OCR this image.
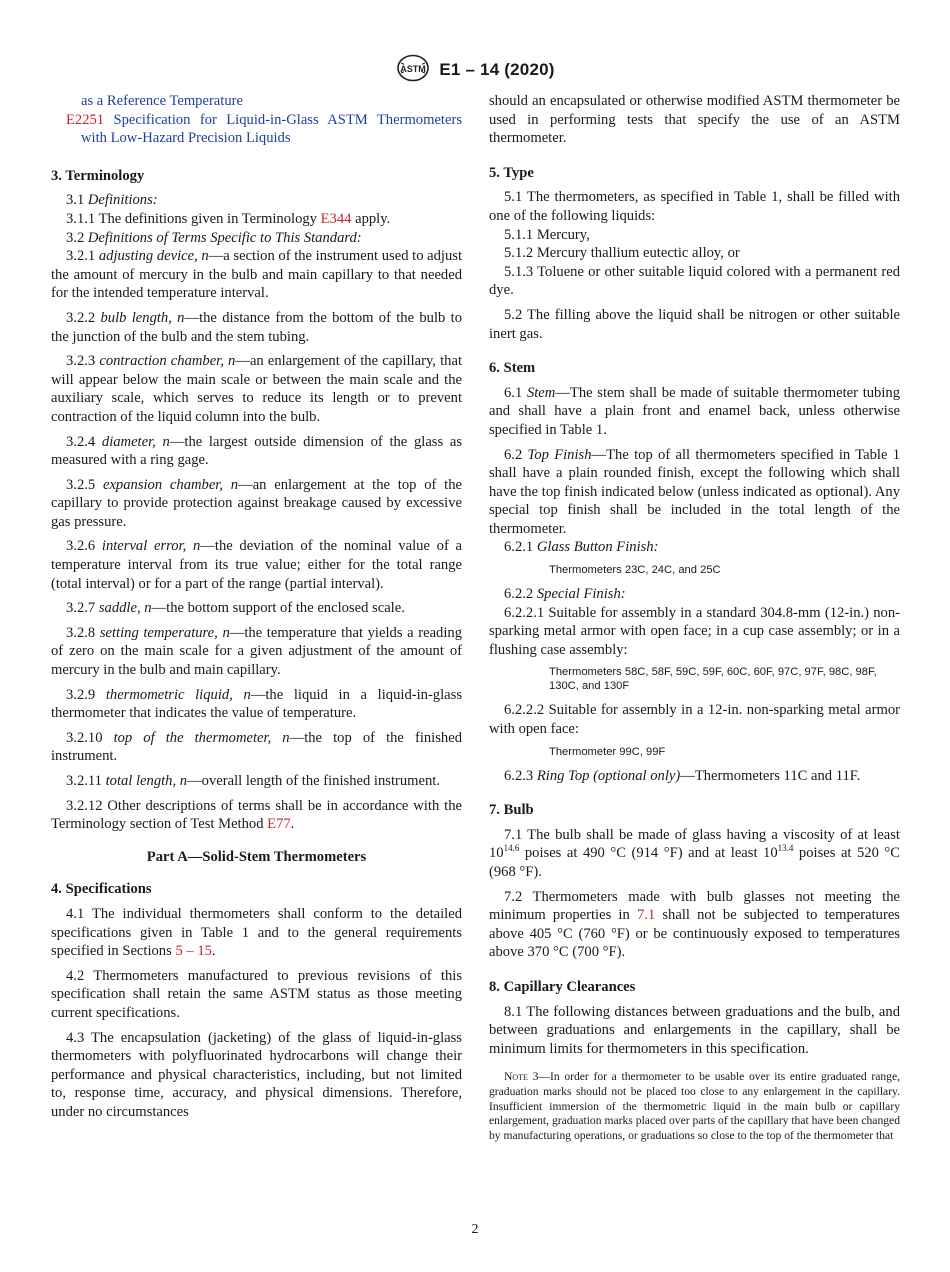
ASTM E1 – 14 (2020)

as a Reference Temperature

E2251 Specification for Liquid-in-Glass ASTM Thermometers with Low-Hazard Precision Liquids

3. Terminology

3.1 Definitions:

3.1.1 The definitions given in Terminology E344 apply.

3.2 Definitions of Terms Specific to This Standard:

3.2.1 adjusting device, n—a section of the instrument used to adjust the amount of mercury in the bulb and main capillary to that needed for the intended temperature interval.

3.2.2 bulb length, n—the distance from the bottom of the bulb to the junction of the bulb and the stem tubing.

3.2.3 contraction chamber, n—an enlargement of the capillary, that will appear below the main scale or between the main scale and the auxiliary scale, which serves to reduce its length or to prevent contraction of the liquid column into the bulb.

3.2.4 diameter, n—the largest outside dimension of the glass as measured with a ring gage.

3.2.5 expansion chamber, n—an enlargement at the top of the capillary to provide protection against breakage caused by excessive gas pressure.

3.2.6 interval error, n—the deviation of the nominal value of a temperature interval from its true value; either for the total range (total interval) or for a part of the range (partial interval).

3.2.7 saddle, n—the bottom support of the enclosed scale.

3.2.8 setting temperature, n—the temperature that yields a reading of zero on the main scale for a given adjustment of the amount of mercury in the bulb and main capillary.

3.2.9 thermometric liquid, n—the liquid in a liquid-in-glass thermometer that indicates the value of temperature.

3.2.10 top of the thermometer, n—the top of the finished instrument.

3.2.11 total length, n—overall length of the finished instrument.

3.2.12 Other descriptions of terms shall be in accordance with the Terminology section of Test Method E77.

Part A—Solid-Stem Thermometers

4. Specifications

4.1 The individual thermometers shall conform to the detailed specifications given in Table 1 and to the general requirements specified in Sections 5 – 15.

4.2 Thermometers manufactured to previous revisions of this specification shall retain the same ASTM status as those meeting current specifications.

4.3 The encapsulation (jacketing) of the glass of liquid-in-glass thermometers with polyfluorinated hydrocarbons will change their performance and physical characteristics, including, but not limited to, response time, accuracy, and physical dimensions. Therefore, under no circumstances

should an encapsulated or otherwise modified ASTM thermometer be used in performing tests that specify the use of an ASTM thermometer.

5. Type

5.1 The thermometers, as specified in Table 1, shall be filled with one of the following liquids:

5.1.1 Mercury,

5.1.2 Mercury thallium eutectic alloy, or

5.1.3 Toluene or other suitable liquid colored with a permanent red dye.

5.2 The filling above the liquid shall be nitrogen or other suitable inert gas.

6. Stem

6.1 Stem—The stem shall be made of suitable thermometer tubing and shall have a plain front and enamel back, unless otherwise specified in Table 1.

6.2 Top Finish—The top of all thermometers specified in Table 1 shall have a plain rounded finish, except the following which shall have the top finish indicated below (unless indicated as optional). Any special top finish shall be included in the total length of the thermometer.

6.2.1 Glass Button Finish:

Thermometers 23C, 24C, and 25C

6.2.2 Special Finish:

6.2.2.1 Suitable for assembly in a standard 304.8-mm (12-in.) non-sparking metal armor with open face; in a cup case assembly; or in a flushing case assembly:

Thermometers 58C, 58F, 59C, 59F, 60C, 60F, 97C, 97F, 98C, 98F, 130C, and 130F

6.2.2.2 Suitable for assembly in a 12-in. non-sparking metal armor with open face:

Thermometer 99C, 99F

6.2.3 Ring Top (optional only)—Thermometers 11C and 11F.

7. Bulb

7.1 The bulb shall be made of glass having a viscosity of at least $10^{14.6}$ poises at 490 °C (914 °F) and at least $10^{13.4}$ poises at 520 °C (968 °F).

7.2 Thermometers made with bulb glasses not meeting the minimum properties in 7.1 shall not be subjected to temperatures above 405 °C (760 °F) or be continuously exposed to temperatures above 370 °C (700 °F).

8. Capillary Clearances

8.1 The following distances between graduations and the bulb, and between graduations and enlargements in the capillary, shall be minimum limits for thermometers in this specification.

Note 3—In order for a thermometer to be usable over its entire graduated range, graduation marks should not be placed too close to any enlargement in the capillary. Insufficient immersion of the thermometric liquid in the main bulb or capillary enlargement, graduation marks placed over parts of the capillary that have been changed by manufacturing operations, or graduations so close to the top of the thermometer that

2
